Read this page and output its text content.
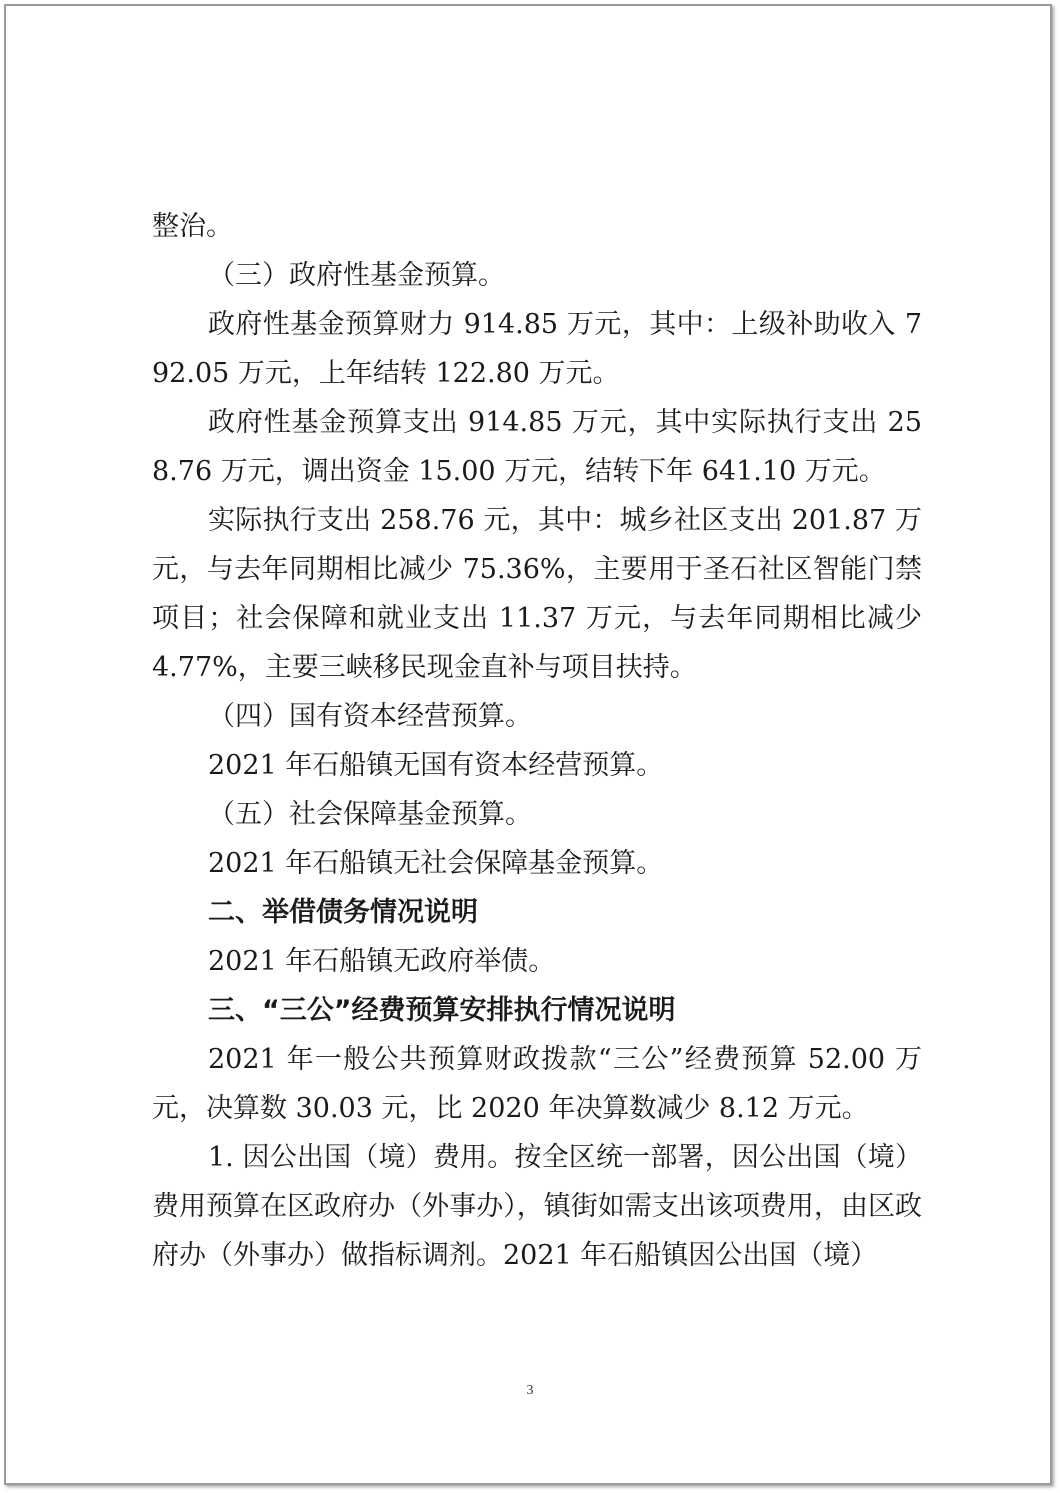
整治。

（三）政府性基金预算。

政府性基金预算财力 914.85 万元，其中：上级补助收入 792.05 万元，上年结转 122.80 万元。

政府性基金预算支出 914.85 万元，其中实际执行支出 258.76 万元，调出资金 15.00 万元，结转下年 641.10 万元。

实际执行支出 258.76 元，其中：城乡社区支出 201.87 万元，与去年同期相比减少 75.36%，主要用于圣石社区智能门禁项目；社会保障和就业支出 11.37 万元，与去年同期相比减少 4.77%，主要三峡移民现金直补与项目扶持。

（四）国有资本经营预算。

2021 年石船镇无国有资本经营预算。

（五）社会保障基金预算。

2021 年石船镇无社会保障基金预算。

二、举借债务情况说明

2021 年石船镇无政府举债。

三、“三公”经费预算安排执行情况说明

2021 年一般公共预算财政拨款“三公”经费预算 52.00 万元，决算数 30.03 元，比 2020 年决算数减少 8.12 万元。

1. 因公出国（境）费用。按全区统一部署，因公出国（境）费用预算在区政府办（外事办），镇街如需支出该项费用，由区政府办（外事办）做指标调剂。2021 年石船镇因公出国（境）

3
